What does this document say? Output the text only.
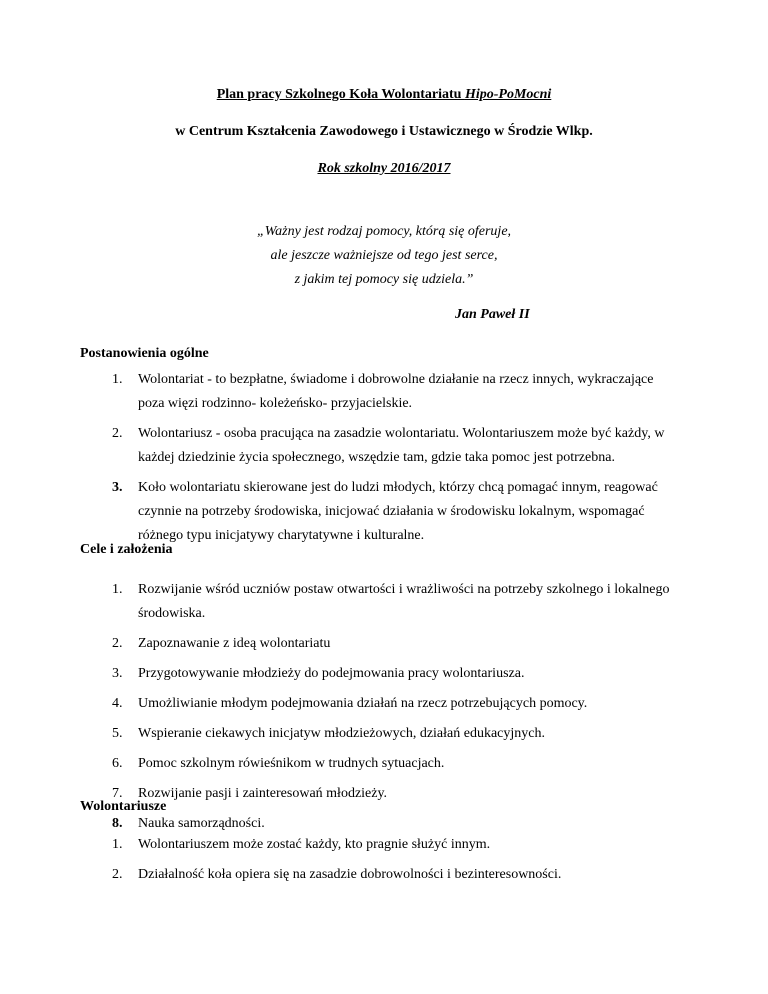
Plan pracy Szkolnego Koła Wolontariatu Hipo-PoMocni
w Centrum Kształcenia Zawodowego i Ustawicznego w Środzie Wlkp.
Rok szkolny 2016/2017
„Ważny jest rodzaj pomocy, którą się oferuje,
ale jeszcze ważniejsze od tego jest serce,
z jakim tej pomocy się udziela.”
Jan Paweł II
Postanowienia ogólne
1. Wolontariat - to bezpłatne, świadome i dobrowolne działanie na rzecz innych, wykraczające poza więzi rodzinno- koleżeńsko- przyjacielskie.
2. Wolontariusz - osoba pracująca na zasadzie wolontariatu. Wolontariuszem może być każdy, w każdej dziedzinie życia społecznego, wszędzie tam, gdzie taka pomoc jest potrzebna.
3. Koło wolontariatu skierowane jest do ludzi młodych, którzy chcą pomagać innym, reagować czynnie na potrzeby środowiska, inicjować działania w środowisku lokalnym, wspomagać różnego typu inicjatywy charytatywne i kulturalne.
Cele i założenia
1. Rozwijanie wśród uczniów postaw otwartości i wrażliwości na potrzeby szkolnego i lokalnego środowiska.
2. Zapoznawanie z ideą wolontariatu
3. Przygotowywanie młodzieży do podejmowania pracy wolontariusza.
4. Umożliwianie młodym podejmowania działań na rzecz potrzebujących pomocy.
5. Wspieranie ciekawych inicjatyw młodzieżowych, działań edukacyjnych.
6. Pomoc szkolnym rówieśnikom w trudnych sytuacjach.
7. Rozwijanie pasji i zainteresowań młodzieży.
8. Nauka samorządności.
Wolontariusze
1. Wolontariuszem może zostać każdy, kto pragnie służyć innym.
2. Działalność koła opiera się na zasadzie dobrowolności i bezinteresowności.
